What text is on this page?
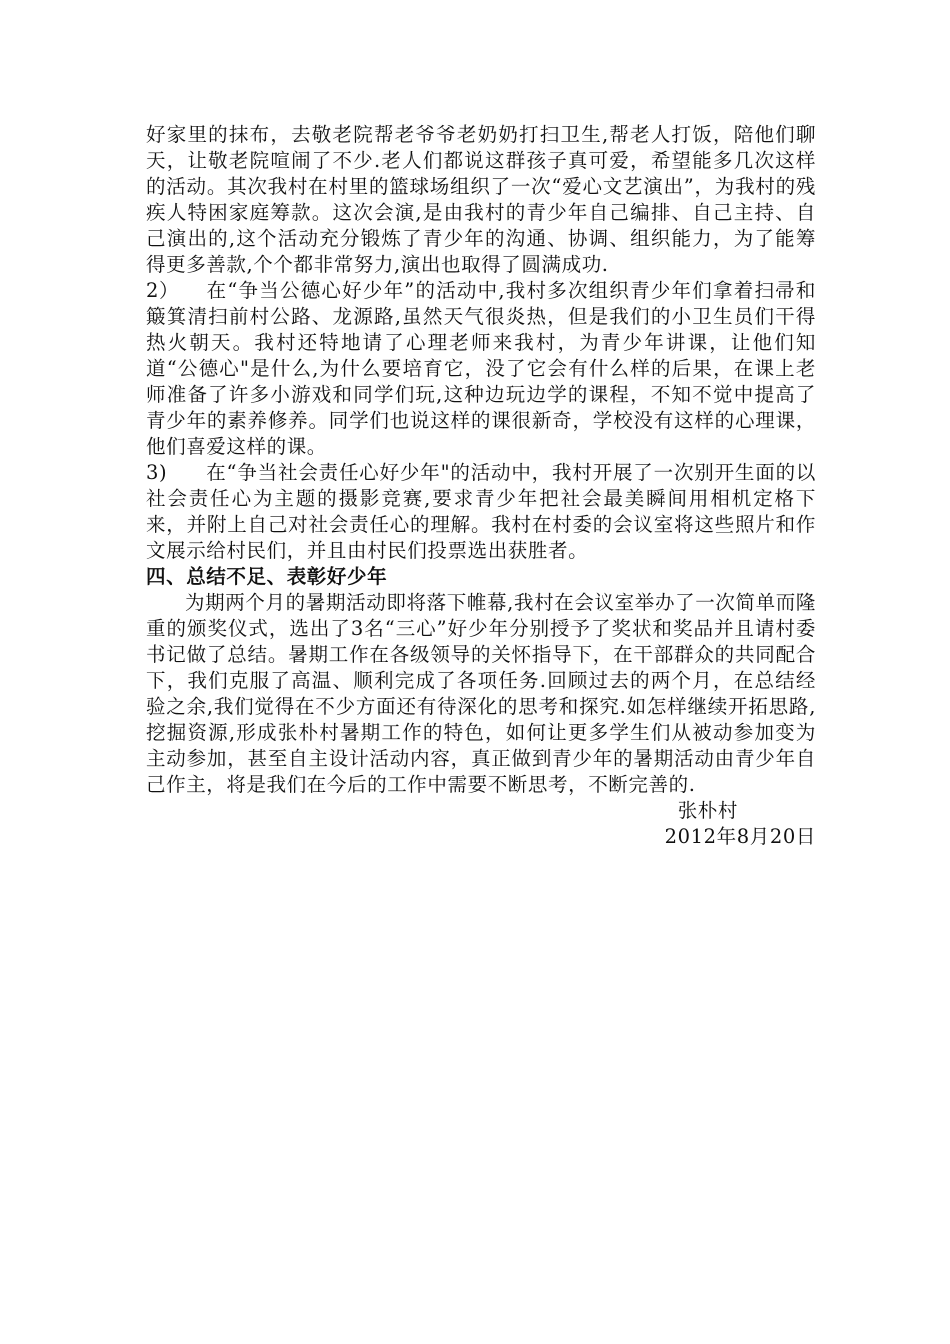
好家里的抹布，去敬老院帮老爷爷老奶奶打扫卫生,帮老人打饭，陪他们聊天，让敬老院喧闹了不少.老人们都说这群孩子真可爱，希望能多几次这样的活动。其次我村在村里的篮球场组织了一次“爱心文艺演出”，为我村的残疾人特困家庭筹款。这次会演,是由我村的青少年自己编排、自己主持、自己演出的,这个活动充分锻炼了青少年的沟通、协调、组织能力，为了能筹得更多善款,个个都非常努力,演出也取得了圆满成功.

2） 在“争当公德心好少年”的活动中,我村多次组织青少年们拿着扫帚和簸箕清扫前村公路、龙源路,虽然天气很炎热，但是我们的小卫生员们干得热火朝天。我村还特地请了心理老师来我村，为青少年讲课，让他们知道“公德心"是什么,为什么要培育它，没了它会有什么样的后果，在课上老师准备了许多小游戏和同学们玩,这种边玩边学的课程，不知不觉中提高了青少年的素养修养。同学们也说这样的课很新奇，学校没有这样的心理课，他们喜爱这样的课。

3) 在“争当社会责任心好少年"的活动中，我村开展了一次别开生面的以社会责任心为主题的摄影竞赛,要求青少年把社会最美瞬间用相机定格下来，并附上自己对社会责任心的理解。我村在村委的会议室将这些照片和作文展示给村民们，并且由村民们投票选出获胜者。

四、总结不足、表彰好少年

为期两个月的暑期活动即将落下帷幕,我村在会议室举办了一次简单而隆重的颁奖仪式，选出了3名“三心”好少年分别授予了奖状和奖品并且请村委书记做了总结。暑期工作在各级领导的关怀指导下，在干部群众的共同配合下，我们克服了高温、顺利完成了各项任务.回顾过去的两个月，在总结经验之余,我们觉得在不少方面还有待深化的思考和探究.如怎样继续开拓思路,挖掘资源,形成张朴村暑期工作的特色，如何让更多学生们从被动参加变为主动参加，甚至自主设计活动内容，真正做到青少年的暑期活动由青少年自己作主，将是我们在今后的工作中需要不断思考，不断完善的.

张朴村

2012年8月20日
